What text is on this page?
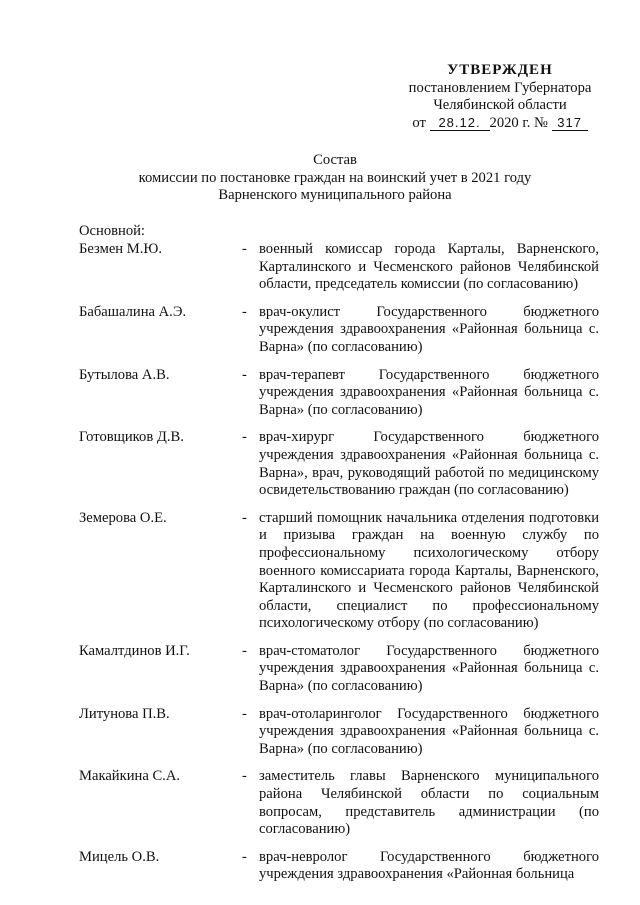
УТВЕРЖДЕН
постановлением Губернатора
Челябинской области
от 28.12. 2020 г. № 317
Состав
комиссии по постановке граждан на воинский учет в 2021 году
Варненского муниципального района
Основной:
Безмен М.Ю.	- военный комиссар города Карталы, Варненского, Карталинского и Чесменского районов Челябинской области, председатель комиссии (по согласованию)
Бабашалина А.Э.	- врач-окулист Государственного бюджетного учреждения здравоохранения «Районная больница с. Варна» (по согласованию)
Бутылова А.В.	- врач-терапевт Государственного бюджетного учреждения здравоохранения «Районная больница с. Варна» (по согласованию)
Готовщиков Д.В.	- врач-хирург Государственного бюджетного учреждения здравоохранения «Районная больница с. Варна», врач, руководящий работой по медицинскому освидетельствованию граждан (по согласованию)
Земерова О.Е.	- старший помощник начальника отделения подготовки и призыва граждан на военную службу по профессиональному психологическому отбору военного комиссариата города Карталы, Варненского, Карталинского и Чесменского районов Челябинской области, специалист по профессиональному психологическому отбору (по согласованию)
Камалтдинов И.Г.	- врач-стоматолог Государственного бюджетного учреждения здравоохранения «Районная больница с. Варна» (по согласованию)
Литунова П.В.	- врач-отоларинголог Государственного бюджетного учреждения здравоохранения «Районная больница с. Варна» (по согласованию)
Макайкина С.А.	- заместитель главы Варненского муниципального района Челябинской области по социальным вопросам, представитель администрации (по согласованию)
Мицель О.В.	- врач-невролог Государственного бюджетного учреждения здравоохранения «Районная больница
